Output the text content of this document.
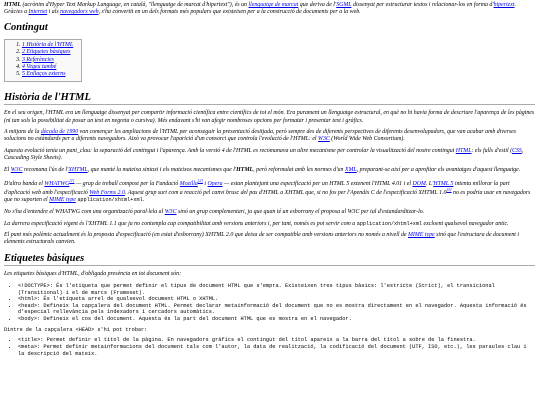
HTML (acrònim d'Hyper Text Markup Language, en català, "llenguatge de marcat d'hipertext"), és un llenguatge de marcat que deriva de l'SGML dissenyat per estructurar textos i relacionar-los en forma d'hipertext. Gràcies a Internet i als navegadors web, s'ha convertit en un dels formats més populars que existeixen per a la construcció de documents per a la web.

Contingut
1. 1 Història de l'HTML
2. 2 Etiquetes bàsiques
3. 3 Referències
4. 4 Vegeu també
5. 5 Enllaços externs
Història de l'HTML

En el seu origen, l'HTML era un llenguatge dissenyat per compartir informació científica entre científics de tot el món. Era purament un llenguatge estructural, en què no hi havia forma de descriure l'aparença de les pàgines (ni tan sols la possibilitat de posar un text en negreta o cursiva). Més endavant s'hi van afegir nombroses opcions per formatar i presentar text i gràfics.

A mitjans de la dècada de 1990 van començar les ampliacions de l'HTML per aconseguir la presentació desitjada, però sempre des de diferents perspectives de diferents desenvolupadors, que van acabar amb diverses solucions no estàndards per a diferents navegadors. Això va provocar l'aparició d'un consorci que controla l'evolució de l'HTML: el W3C (World Wide Web Consortium).

Aquesta evolució tenia un punt_clau: la separació del contingut i l'aparença. Amb la versió 4 de l'HTML es recomanava un altre mecanisme per controlar la visualització del nostre contingut HTML: els fulls d'estil (CSS, Cascading Style Sheets).

El W3C recomana l'ús de l'XHTML, que manté la mateixa sintaxi i els mateixos mecanismes que l'HTML, però reformulat amb les normes d'un XML, preparant-se així per a aprofitar els avantatges d'aquest llenguatge.

D'altra banda el WHATWG[1] — grup de treball compost per la Fundació Mozilla[2] i Opera — estan plantejant una especificació per un HTML 5 extenent l'HTML 4.01 i el DOM. L'HTML 5 intenta millorar la part d'aplicació web amb l'especificació Web Forms 2.0. Aquest grup surt com a reacció pel canvi brusc del pas d'HTML a XHTML que, si no fos per l'Apendix C de l'especificació XHTML 1.0[3] no es podria usar en navegadors que no suporten el MIME type application/xhtml+xml.

No s'ha d'entendre el WHATWG com una organització paral·lela al W3C sinó un grup complementari, ja que quan té un esborrany el proposa al W3C per tal d'estandarditzar-lo.

La darrera especificació vigent és l'XHTML 1.1 que ja no contempla cap compatibilitat amb versions anteriors i, per tant, només es pot servir com a application/xhtml+xml excloent qualsevol navegador antic.

El punt més polèmic actualment és la proposta d'especificació (en estat d'esborrany) XHTML 2.0 que deixa de ser compatible amb versions anteriors no només a nivell de MIME type sinó que l'estructura de document i elements estructurals canvien.

Etiquetes bàsiques

Les etiquetes bàsiques d'HTML, d'obligada presència en tot document són:

• <!DOCTYPE>: És l'etiqueta que permet definir el tipus de document HTML que s'empra. Existeixen tres tipus bàsics: l'estricte (Strict), el transicional (Transitional) i el de marcs (Frameset).
• <html>: És l'etiqueta arrel de qualsevol document HTML o XHTML.
• <head>: Defineix la capçalera del document HTML. Permet declarar metainformació del document que no es mostra directament en el navegador. Aquesta informació és d'especial rellevància pels indexadors i cercadors automàtics.
• <body>: Defineix el cos del document. Aquesta és la part del document HTML que es mostra en el navegador.

Dintre de la capçalera <HEAD> s'hi pot trobar:

• <title>: Permet definir el títol de la pàgina. En navegadors gràfics el contingut del títol apareix a la barra del títol a sobre de la finestra.
• <meta>: Permet definir metainformacions del document tals com l'autor, la data de realització, la codificació del document (UTF, ISO, etc.), les paraules clau i la descripció del mateix.
